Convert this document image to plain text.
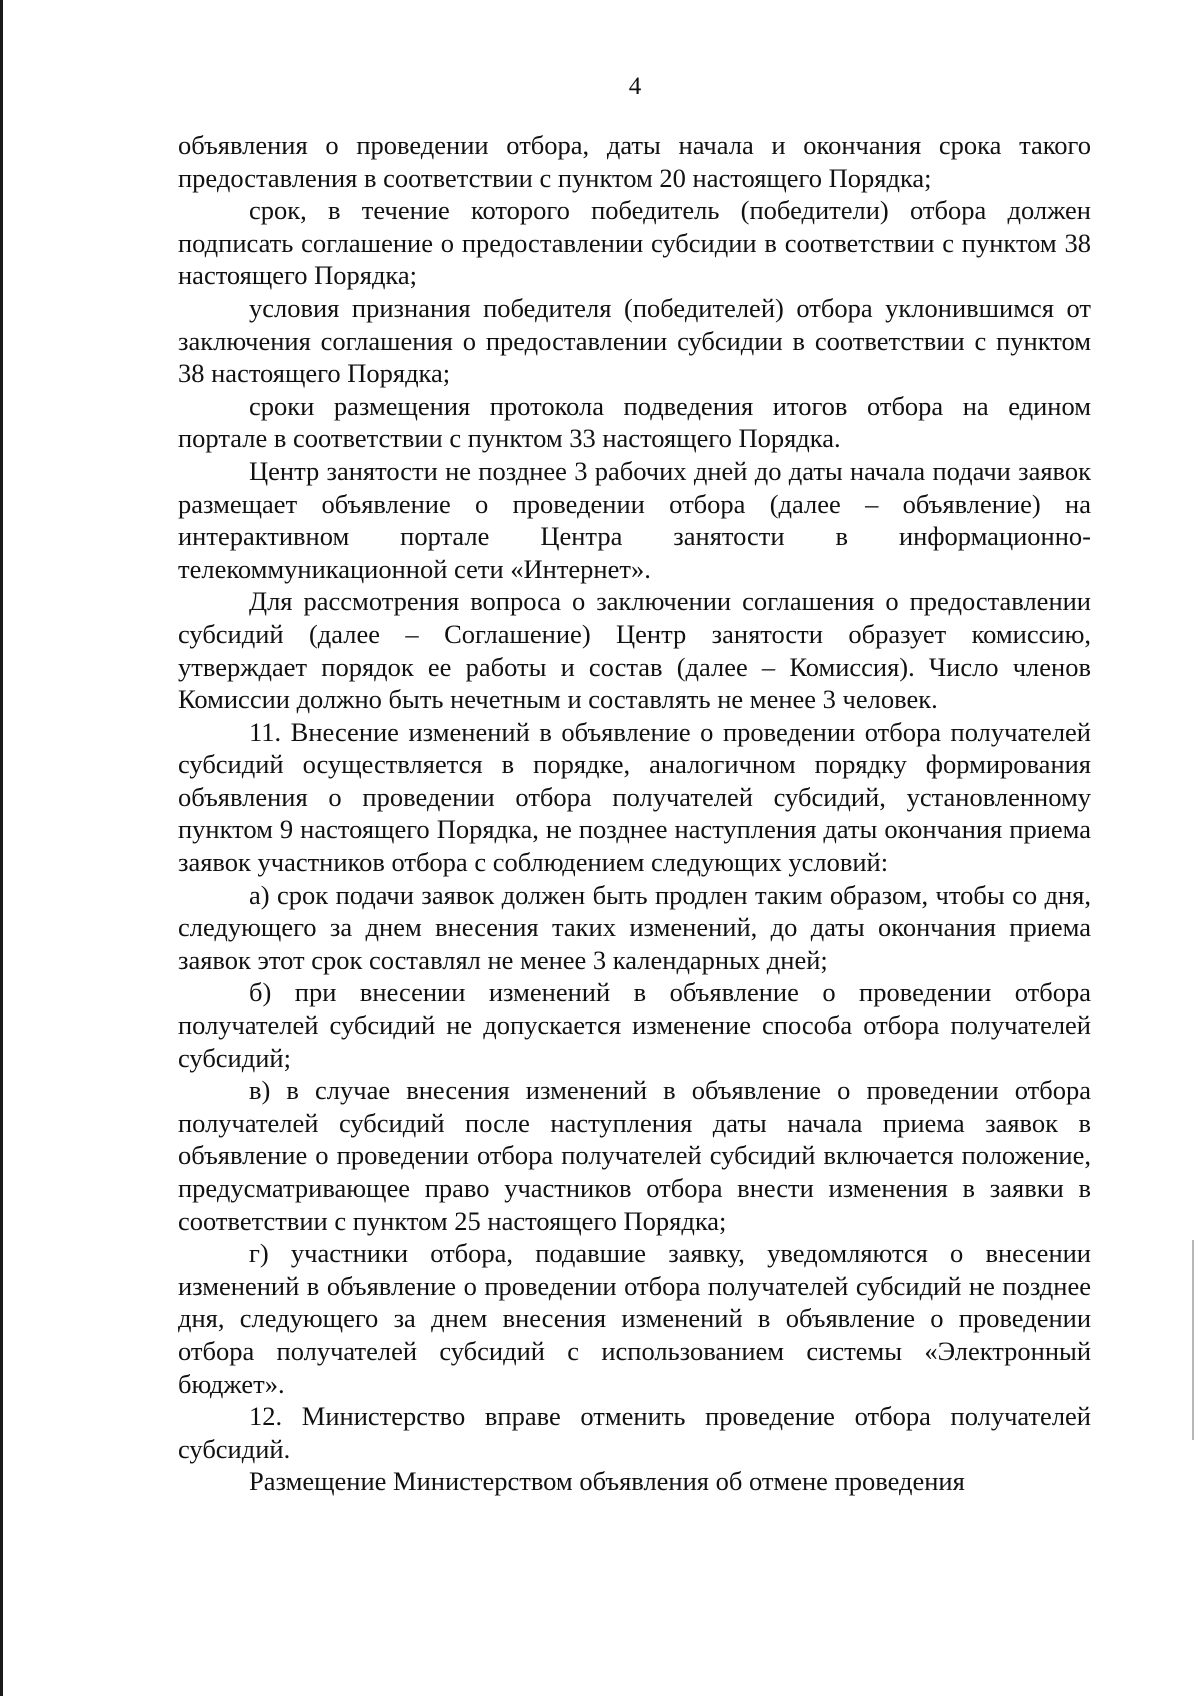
4

объявления о проведении отбора, даты начала и окончания срока такого предоставления в соответствии с пунктом 20 настоящего Порядка;

срок, в течение которого победитель (победители) отбора должен подписать соглашение о предоставлении субсидии в соответствии с пунктом 38 настоящего Порядка;

условия признания победителя (победителей) отбора уклонившимся от заключения соглашения о предоставлении субсидии в соответствии с пунктом 38 настоящего Порядка;

сроки размещения протокола подведения итогов отбора на едином портале в соответствии с пунктом 33 настоящего Порядка.

Центр занятости не позднее 3 рабочих дней до даты начала подачи заявок размещает объявление о проведении отбора (далее – объявление) на интерактивном портале Центра занятости в информационно-телекоммуникационной сети «Интернет».

Для рассмотрения вопроса о заключении соглашения о предоставлении субсидий (далее – Соглашение) Центр занятости образует комиссию, утверждает порядок ее работы и состав (далее – Комиссия). Число членов Комиссии должно быть нечетным и составлять не менее 3 человек.

11. Внесение изменений в объявление о проведении отбора получателей субсидий осуществляется в порядке, аналогичном порядку формирования объявления о проведении отбора получателей субсидий, установленному пунктом 9 настоящего Порядка, не позднее наступления даты окончания приема заявок участников отбора с соблюдением следующих условий:

а) срок подачи заявок должен быть продлен таким образом, чтобы со дня, следующего за днем внесения таких изменений, до даты окончания приема заявок этот срок составлял не менее 3 календарных дней;

б) при внесении изменений в объявление о проведении отбора получателей субсидий не допускается изменение способа отбора получателей субсидий;

в) в случае внесения изменений в объявление о проведении отбора получателей субсидий после наступления даты начала приема заявок в объявление о проведении отбора получателей субсидий включается положение, предусматривающее право участников отбора внести изменения в заявки в соответствии с пунктом 25 настоящего Порядка;

г) участники отбора, подавшие заявку, уведомляются о внесении изменений в объявление о проведении отбора получателей субсидий не позднее дня, следующего за днем внесения изменений в объявление о проведении отбора получателей субсидий с использованием системы «Электронный бюджет».

12. Министерство вправе отменить проведение отбора получателей субсидий.

Размещение Министерством объявления об отмене проведения
